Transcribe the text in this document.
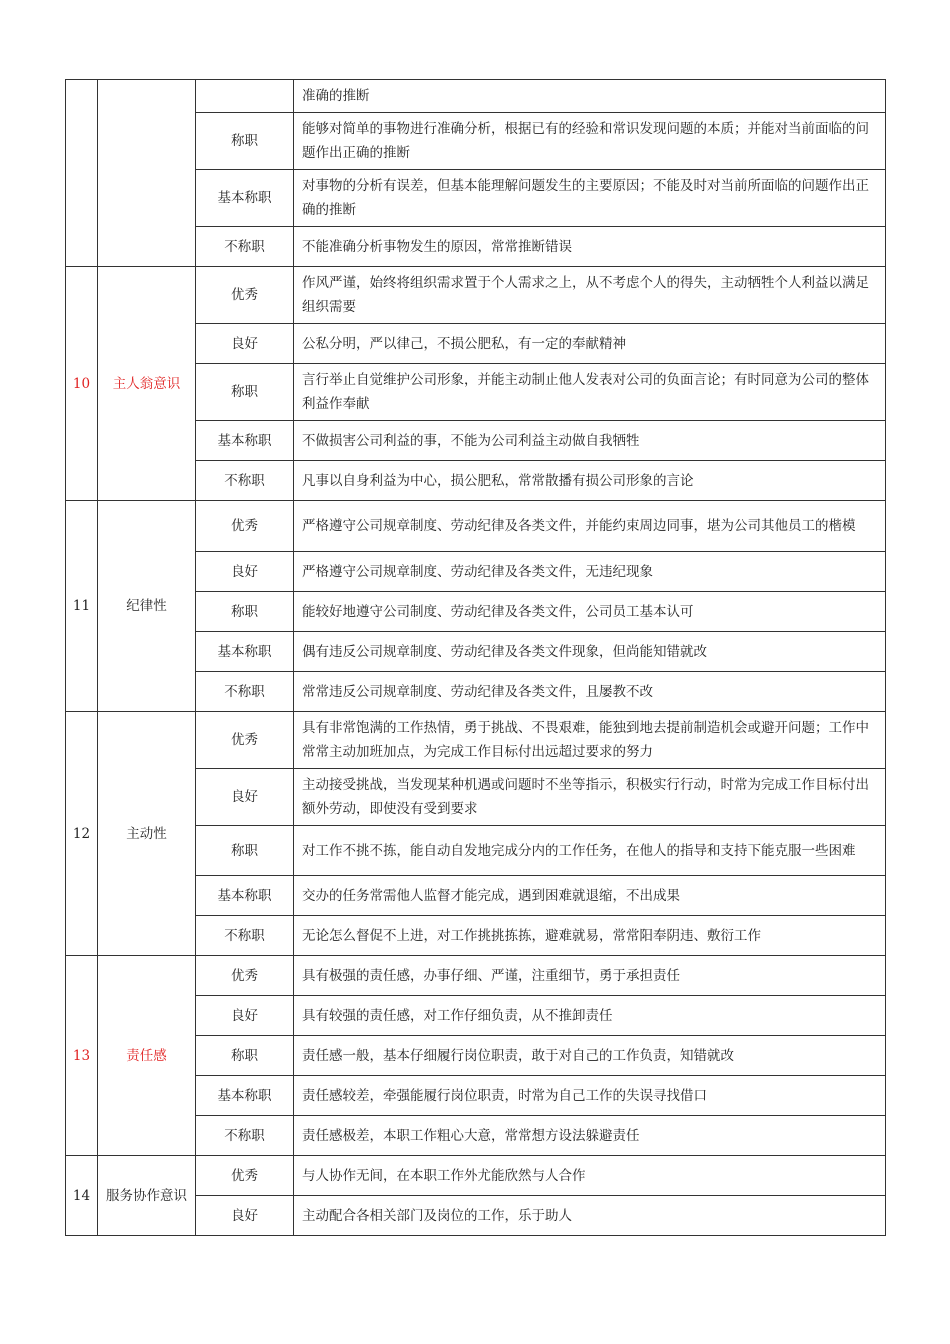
			准确的推断
		称职	能够对简单的事物进行准确分析，根据已有的经验和常识发现问题的本质；并能对当前面临的问题作出正确的推断
		基本称职	对事物的分析有误差，但基本能理解问题发生的主要原因；不能及时对当前所面临的问题作出正确的推断
		不称职	不能准确分析事物发生的原因，常常推断错误
10	主人翁意识	优秀	作风严谨，始终将组织需求置于个人需求之上，从不考虑个人的得失，主动牺牲个人利益以满足组织需要
		良好	公私分明，严以律己，不损公肥私，有一定的奉献精神
		称职	言行举止自觉维护公司形象，并能主动制止他人发表对公司的负面言论；有时同意为公司的整体利益作奉献
		基本称职	不做损害公司利益的事，不能为公司利益主动做自我牺牲
		不称职	凡事以自身利益为中心，损公肥私，常常散播有损公司形象的言论
11	纪律性	优秀	严格遵守公司规章制度、劳动纪律及各类文件，并能约束周边同事，堪为公司其他员工的楷模
		良好	严格遵守公司规章制度、劳动纪律及各类文件，无违纪现象
		称职	能较好地遵守公司制度、劳动纪律及各类文件，公司员工基本认可
		基本称职	偶有违反公司规章制度、劳动纪律及各类文件现象，但尚能知错就改
		不称职	常常违反公司规章制度、劳动纪律及各类文件，且屡教不改
12	主动性	优秀	具有非常饱满的工作热情，勇于挑战、不畏艰难，能独到地去提前制造机会或避开问题；工作中常常主动加班加点，为完成工作目标付出远超过要求的努力
		良好	主动接受挑战，当发现某种机遇或问题时不坐等指示，积极实行行动，时常为完成工作目标付出额外劳动，即使没有受到要求
		称职	对工作不挑不拣，能自动自发地完成分内的工作任务，在他人的指导和支持下能克服一些困难
		基本称职	交办的任务常需他人监督才能完成，遇到困难就退缩，不出成果
		不称职	无论怎么督促不上进，对工作挑挑拣拣，避难就易，常常阳奉阴违、敷衍工作
13	责任感	优秀	具有极强的责任感，办事仔细、严谨，注重细节，勇于承担责任
		良好	具有较强的责任感，对工作仔细负责，从不推卸责任
		称职	责任感一般，基本仔细履行岗位职责，敢于对自己的工作负责，知错就改
		基本称职	责任感较差，牵强能履行岗位职责，时常为自己工作的失误寻找借口
		不称职	责任感极差，本职工作粗心大意，常常想方设法躲避责任
14	服务协作意识	优秀	与人协作无间，在本职工作外尤能欣然与人合作
		良好	主动配合各相关部门及岗位的工作，乐于助人
